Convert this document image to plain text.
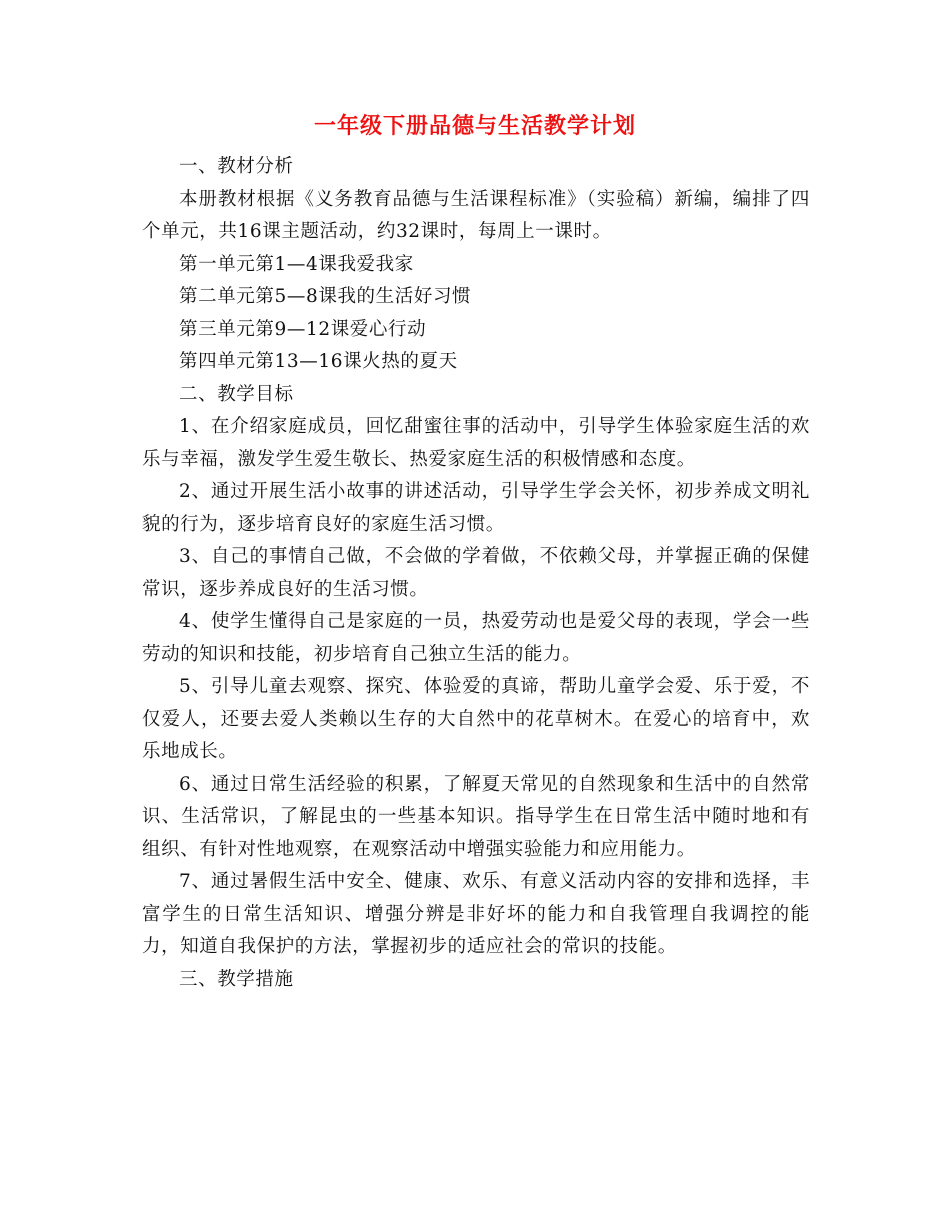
一年级下册品德与生活教学计划

一、教材分析

本册教材根据《义务教育品德与生活课程标准》（实验稿）新编，编排了四个单元，共16课主题活动，约32课时，每周上一课时。

第一单元第1—4课我爱我家

第二单元第5—8课我的生活好习惯

第三单元第9—12课爱心行动

第四单元第13—16课火热的夏天

二、教学目标

1、在介绍家庭成员，回忆甜蜜往事的活动中，引导学生体验家庭生活的欢乐与幸福，激发学生爱生敬长、热爱家庭生活的积极情感和态度。

2、通过开展生活小故事的讲述活动，引导学生学会关怀，初步养成文明礼貌的行为，逐步培育良好的家庭生活习惯。

3、自己的事情自己做，不会做的学着做，不依赖父母，并掌握正确的保健常识，逐步养成良好的生活习惯。

4、使学生懂得自己是家庭的一员，热爱劳动也是爱父母的表现，学会一些劳动的知识和技能，初步培育自己独立生活的能力。

5、引导儿童去观察、探究、体验爱的真谛，帮助儿童学会爱、乐于爱，不仅爱人，还要去爱人类赖以生存的大自然中的花草树木。在爱心的培育中，欢乐地成长。

6、通过日常生活经验的积累，了解夏天常见的自然现象和生活中的自然常识、生活常识，了解昆虫的一些基本知识。指导学生在日常生活中随时地和有组织、有针对性地观察，在观察活动中增强实验能力和应用能力。

7、通过暑假生活中安全、健康、欢乐、有意义活动内容的安排和选择，丰富学生的日常生活知识、增强分辨是非好坏的能力和自我管理自我调控的能力，知道自我保护的方法，掌握初步的适应社会的常识的技能。

三、教学措施
